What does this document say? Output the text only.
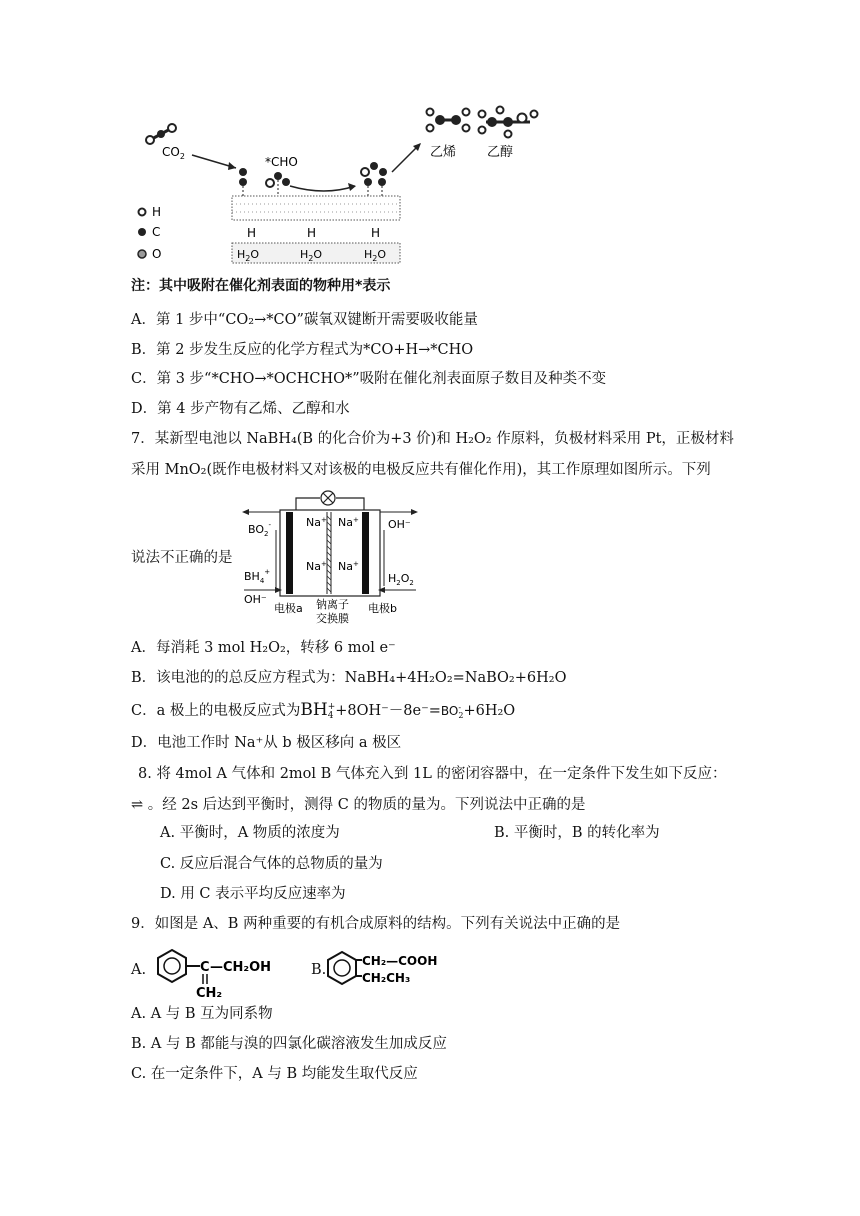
$CO_2$	*CHO
乙烯 乙醇
H	H	H
$H_2O$	$H_2O$	$H_2O$
H
C
O
注：其中吸附在催化剂表面的物种用*表示
A．第 1 步中“CO₂→*CO”碳氧双键断开需要吸收能量
B．第 2 步发生反应的化学方程式为*CO+H→*CHO
C．第 3 步“*CHO→*OCHCHO*”吸附在催化剂表面原子数目及种类不变
D．第 4 步产物有乙烯、乙醇和水
7．某新型电池以 NaBH₄(B 的化合价为+3 价)和 H₂O₂ 作原料，负极材料采用 Pt，正极材料
采用 MnO₂(既作电极材料又对该极的电极反应共有催化作用)，其工作原理如图所示。下列
说法不正确的是
Na+ Na+
Na+ Na+
$BO_2^-$
$BH_4^+$
OH⁻
OH⁻
$H_2O_2$
电极a 钠离子
交换膜
电极b
A．每消耗 3 mol H₂O₂，转移 6 mol e⁻
B．该电池的的总反应方程式为：NaBH₄+4H₂O₂=NaBO₂+6H₂O
C．a 极上的电极反应式为BH +
4 +8OH⁻－8e⁻=BO -
2 +6H₂O
D．电池工作时 Na⁺从 b 极区移向 a 极区
8. 将 4mol A 气体和 2mol B 气体充入到 1L 的密闭容器中，在一定条件下发生如下反应：
⇌ 。经 2s 后达到平衡时，测得 C 的物质的量为。下列说法中正确的是
A. 平衡时，A 物质的浓度为	B. 平衡时，B 的转化率为
C. 反应后混合气体的总物质的量为
D. 用 C 表示平均反应速率为
9．如图是 A、B 两种重要的有机合成原料的结构。下列有关说法中正确的是
A.	C —CH₂OH
CH₂
B.
CH₂—COOH
CH₂CH₃
A. A 与 B 互为同系物
B. A 与 B 都能与溴的四氯化碳溶液发生加成反应
C. 在一定条件下，A 与 B 均能发生取代反应
